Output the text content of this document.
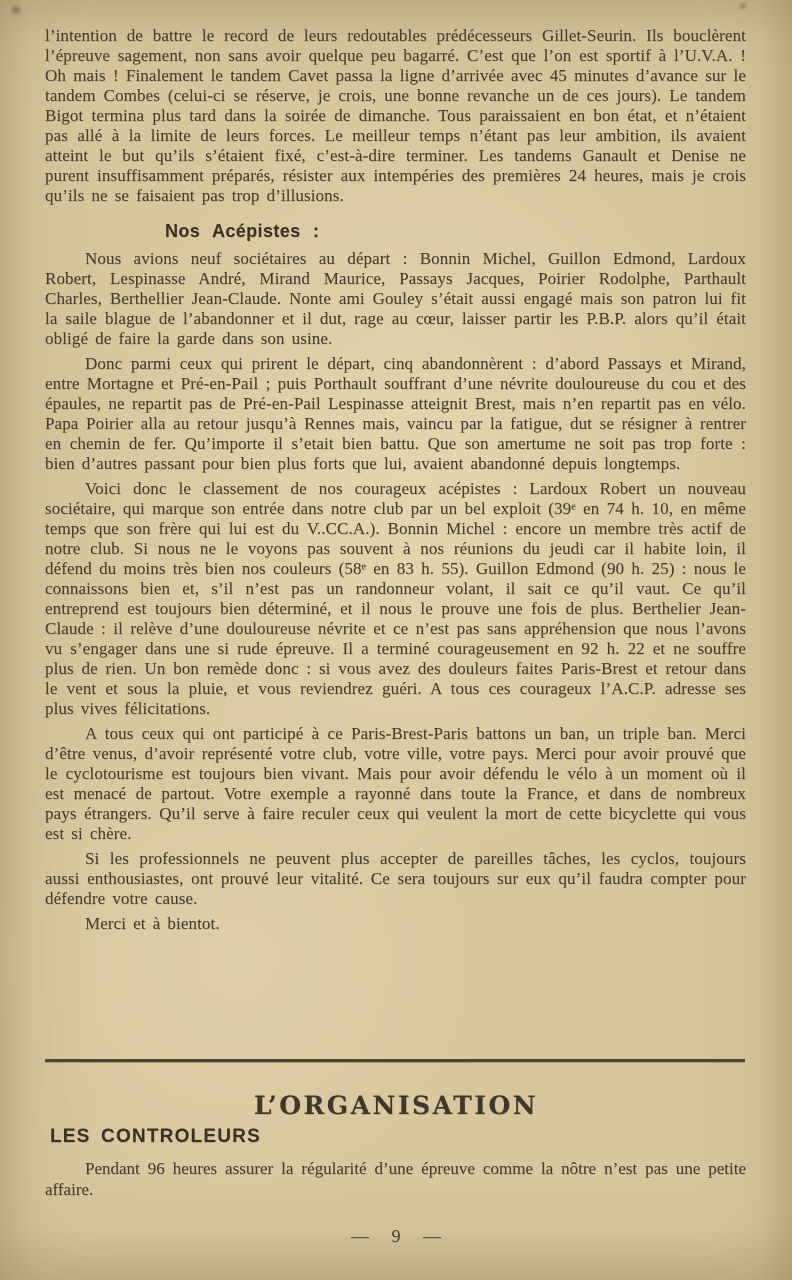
l’intention de battre le record de leurs redoutables prédécesseurs Gillet-Seurin. Ils bouclèrent l’épreuve sagement, non sans avoir quelque peu bagarré. C’est que l’on est sportif à l’U.V.A. ! Oh mais ! Finalement le tandem Cavet passa la ligne d’arrivée avec 45 minutes d’avance sur le tandem Combes (celui-ci se réserve, je crois, une bonne revanche un de ces jours). Le tandem Bigot termina plus tard dans la soirée de dimanche. Tous paraissaient en bon état, et n’étaient pas allé à la limite de leurs forces. Le meilleur temps n’étant pas leur ambition, ils avaient atteint le but qu’ils s’étaient fixé, c’est-à-dire terminer. Les tandems Ganault et Denise ne purent insuffisamment préparés, résister aux intempéries des premières 24 heures, mais je crois qu’ils ne se faisaient pas trop d’illusions.

Nos Acépistes :

Nous avions neuf sociétaires au départ : Bonnin Michel, Guillon Edmond, Lardoux Robert, Lespinasse André, Mirand Maurice, Passays Jacques, Poirier Rodolphe, Parthault Charles, Berthellier Jean-Claude. Nonte ami Gouley s’était aussi engagé mais son patron lui fit la saile blague de l’abandonner et il dut, rage au cœur, laisser partir les P.B.P. alors qu’il était obligé de faire la garde dans son usine.

Donc parmi ceux qui prirent le départ, cinq abandonnèrent : d’abord Passays et Mirand, entre Mortagne et Pré-en-Pail ; puis Porthault souffrant d’une névrite douloureuse du cou et des épaules, ne repartit pas de Pré-en-Pail Lespinasse atteignit Brest, mais n’en repartit pas en vélo. Papa Poirier alla au retour jusqu’à Rennes mais, vaincu par la fatigue, dut se résigner à rentrer en chemin de fer. Qu’importe il s’etait bien battu. Que son amertume ne soit pas trop forte : bien d’autres passant pour bien plus forts que lui, avaient abandonné depuis longtemps.

Voici donc le classement de nos courageux acépistes : Lardoux Robert un nouveau sociétaire, qui marque son entrée dans notre club par un bel exploit (39ᵉ en 74 h. 10, en même temps que son frère qui lui est du V..CC.A.). Bonnin Michel : encore un membre très actif de notre club. Si nous ne le voyons pas souvent à nos réunions du jeudi car il habite loin, il défend du moins très bien nos couleurs (58ᵉ en 83 h. 55). Guillon Edmond (90 h. 25) : nous le connaissons bien et, s’il n’est pas un randonneur volant, il sait ce qu’il vaut. Ce qu’il entreprend est toujours bien déterminé, et il nous le prouve une fois de plus. Berthelier Jean-Claude : il relève d’une douloureuse névrite et ce n’est pas sans appréhension que nous l’avons vu s’engager dans une si rude épreuve. Il a terminé courageusement en 92 h. 22 et ne souffre plus de rien. Un bon remède donc : si vous avez des douleurs faites Paris-Brest et retour dans le vent et sous la pluie, et vous reviendrez guéri. A tous ces courageux l’A.C.P. adresse ses plus vives félicitations.

A tous ceux qui ont participé à ce Paris-Brest-Paris battons un ban, un triple ban. Merci d’être venus, d’avoir représenté votre club, votre ville, votre pays. Merci pour avoir prouvé que le cyclotourisme est toujours bien vivant. Mais pour avoir défendu le vélo à un moment où il est menacé de partout. Votre exemple a rayonné dans toute la France, et dans de nombreux pays étrangers. Qu’il serve à faire reculer ceux qui veulent la mort de cette bicyclette qui vous est si chère.

Si les professionnels ne peuvent plus accepter de pareilles tâches, les cyclos, toujours aussi enthousiastes, ont prouvé leur vitalité. Ce sera toujours sur eux qu’il faudra compter pour défendre votre cause.

Merci et à bientot.

L’ORGANISATION
LES CONTROLEURS

Pendant 96 heures assurer la régularité d’une épreuve comme la nôtre n’est pas une petite affaire.

— 9 —
